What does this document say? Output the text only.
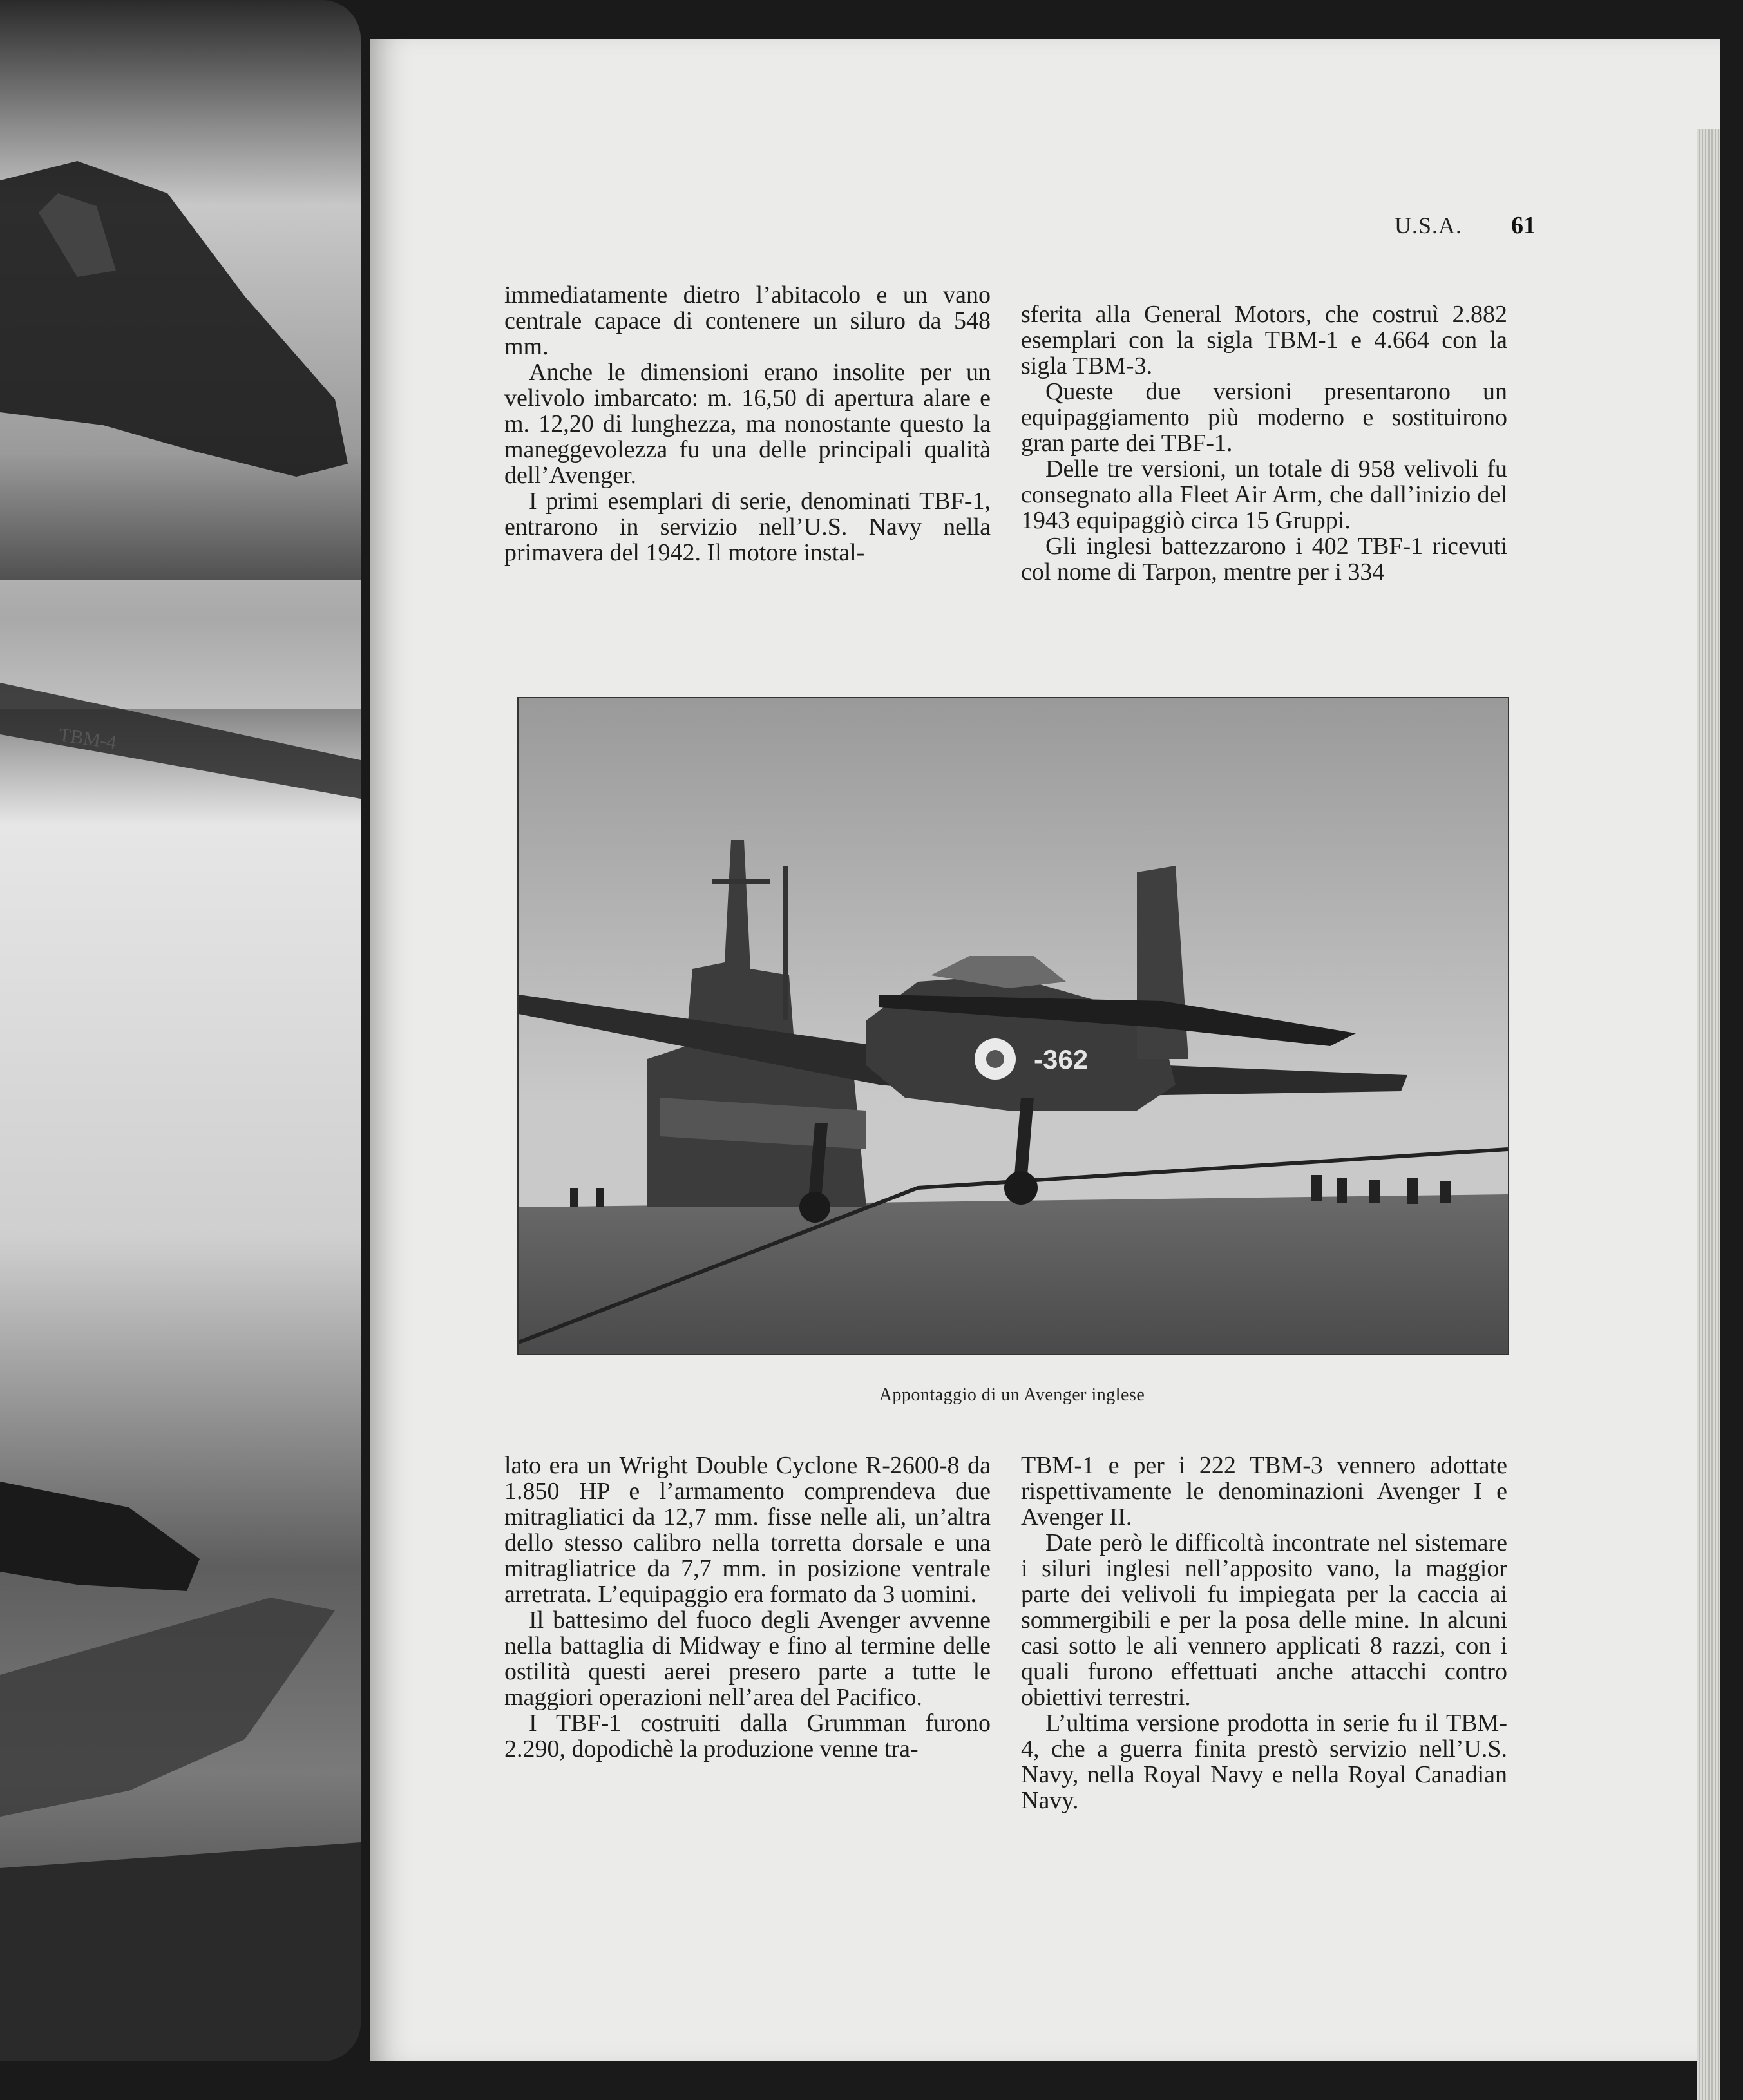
TBM-4
U.S.A. 61

immediatamente dietro l’abitacolo e un vano centrale capace di contenere un siluro da 548 mm.

Anche le dimensioni erano insolite per un velivolo imbarcato: m. 16,50 di apertura alare e m. 12,20 di lunghezza, ma nonostante questo la maneggevolezza fu una delle principali qualità dell’Avenger.

I primi esemplari di serie, denominati TBF-1, entrarono in servizio nell’U.S. Navy nella primavera del 1942. Il motore instal-

sferita alla General Motors, che costruì 2.882 esemplari con la sigla TBM-1 e 4.664 con la sigla TBM-3.

Queste due versioni presentarono un equipaggiamento più moderno e sostituirono gran parte dei TBF-1.

Delle tre versioni, un totale di 958 velivoli fu consegnato alla Fleet Air Arm, che dall’inizio del 1943 equipaggiò circa 15 Gruppi.

Gli inglesi battezzarono i 402 TBF-1 ricevuti col nome di Tarpon, mentre per i 334

-362
Appontaggio di un Avenger inglese

lato era un Wright Double Cyclone R-2600-8 da 1.850 HP e l’armamento comprendeva due mitragliatici da 12,7 mm. fisse nelle ali, un’altra dello stesso calibro nella torretta dorsale e una mitragliatrice da 7,7 mm. in posizione ventrale arretrata. L’equipaggio era formato da 3 uomini.

Il battesimo del fuoco degli Avenger avvenne nella battaglia di Midway e fino al termine delle ostilità questi aerei presero parte a tutte le maggiori operazioni nell’area del Pacifico.

I TBF-1 costruiti dalla Grumman furono 2.290, dopodichè la produzione venne tra-

TBM-1 e per i 222 TBM-3 vennero adottate rispettivamente le denominazioni Avenger I e Avenger II.

Date però le difficoltà incontrate nel sistemare i siluri inglesi nell’apposito vano, la maggior parte dei velivoli fu impiegata per la caccia ai sommergibili e per la posa delle mine. In alcuni casi sotto le ali vennero applicati 8 razzi, con i quali furono effettuati anche attacchi contro obiettivi terrestri.

L’ultima versione prodotta in serie fu il TBM-4, che a guerra finita prestò servizio nell’U.S. Navy, nella Royal Navy e nella Royal Canadian Navy.
